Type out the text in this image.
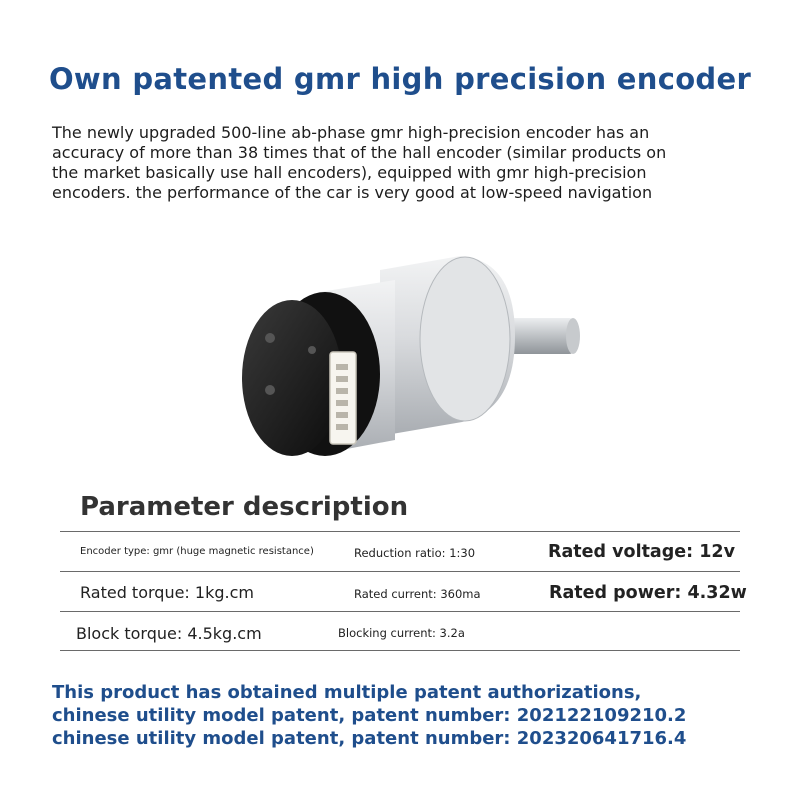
Own patented gmr high precision encoder
The newly upgraded 500-line ab-phase gmr high-precision encoder has an
accuracy of more than 38 times that of the hall encoder (similar products on
the market basically use hall encoders), equipped with gmr high-precision
encoders. the performance of the car is very good at low-speed navigation
Parameter description
Encoder type: gmr (huge magnetic resistance)	Reduction ratio: 1:30	Rated voltage: 12v
Rated torque: 1kg.cm	Rated current: 360ma	Rated power: 4.32w
Block torque: 4.5kg.cm	Blocking current: 3.2a
This product has obtained multiple patent authorizations,
chinese utility model patent, patent number: 202122109210.2
chinese utility model patent, patent number: 202320641716.4
